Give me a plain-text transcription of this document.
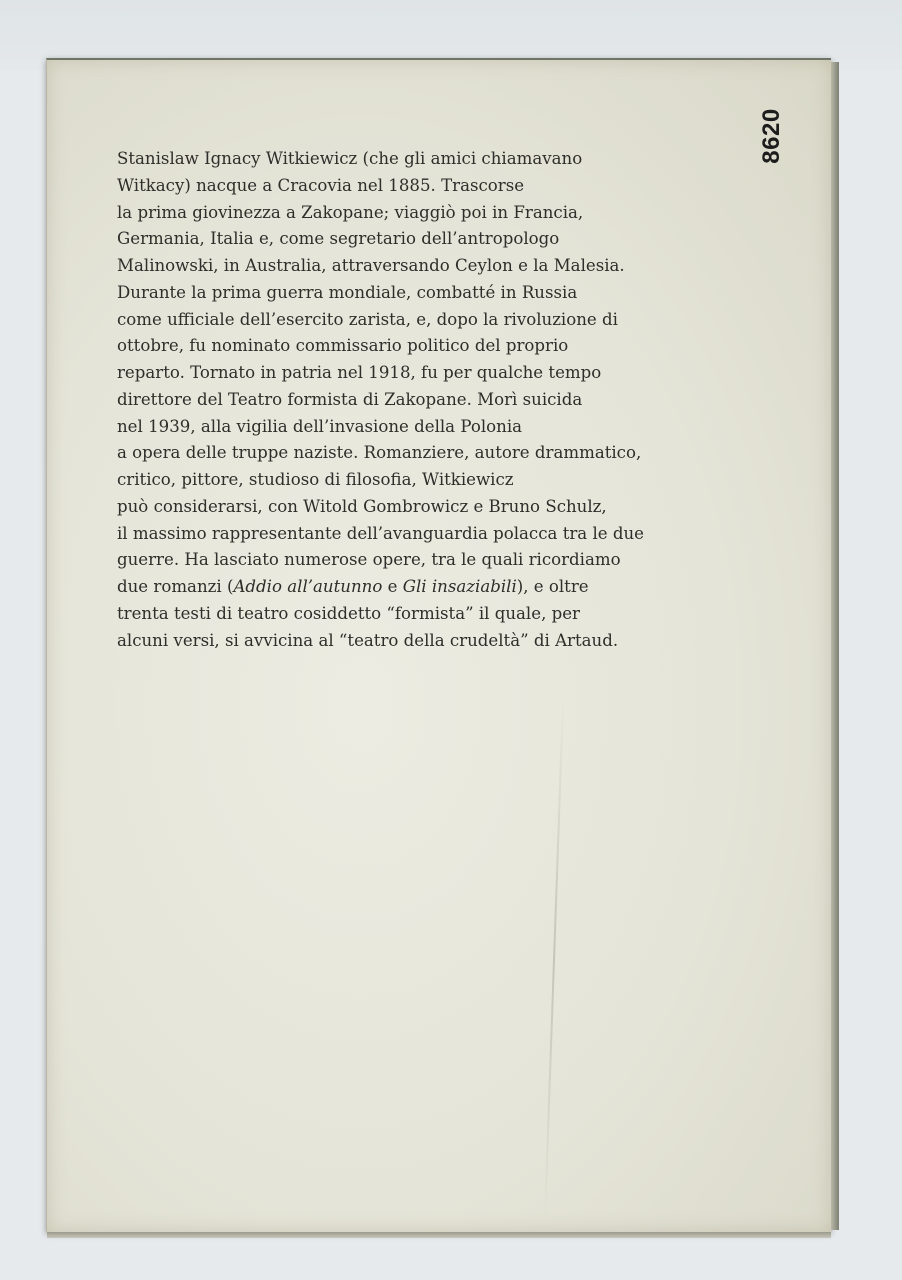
8620
Stanislaw Ignacy Witkiewicz (che gli amici chiamavano
Witkacy) nacque a Cracovia nel 1885. Trascorse
la prima giovinezza a Zakopane; viaggiò poi in Francia,
Germania, Italia e, come segretario dell’antropologo
Malinowski, in Australia, attraversando Ceylon e la Malesia.
Durante la prima guerra mondiale, combatté in Russia
come ufficiale dell’esercito zarista, e, dopo la rivoluzione di
ottobre, fu nominato commissario politico del proprio
reparto. Tornato in patria nel 1918, fu per qualche tempo
direttore del Teatro formista di Zakopane. Morì suicida
nel 1939, alla vigilia dell’invasione della Polonia
a opera delle truppe naziste. Romanziere, autore drammatico,
critico, pittore, studioso di filosofia, Witkiewicz
può considerarsi, con Witold Gombrowicz e Bruno Schulz,
il massimo rappresentante dell’avanguardia polacca tra le due
guerre. Ha lasciato numerose opere, tra le quali ricordiamo
due romanzi (Addio all’autunno e Gli insaziabili), e oltre
trenta testi di teatro cosiddetto “formista” il quale, per
alcuni versi, si avvicina al “teatro della crudeltà” di Artaud.
